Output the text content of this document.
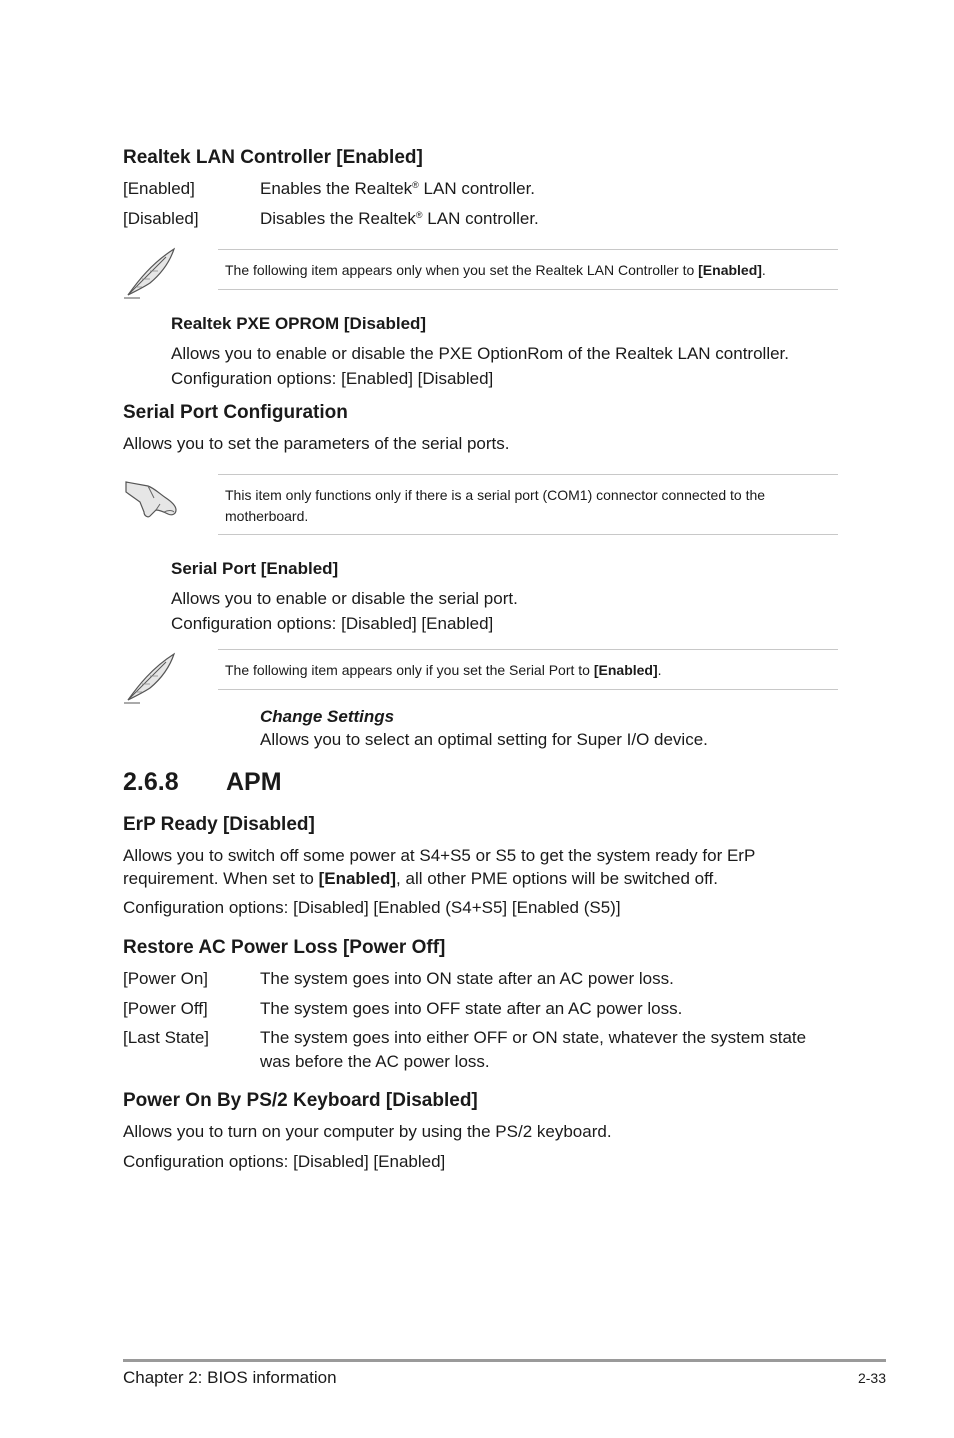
Realtek LAN Controller [Enabled]
[Enabled]	Enables the Realtek® LAN controller.
[Disabled]	Disables the Realtek® LAN controller.
The following item appears only when you set the Realtek LAN Controller to [Enabled].
Realtek PXE OPROM [Disabled]
Allows you to enable or disable the PXE OptionRom of the Realtek LAN controller.
Configuration options: [Enabled] [Disabled]
Serial Port Configuration
Allows you to set the parameters of the serial ports.
This item only functions only if there is a serial port (COM1) connector connected to the motherboard.
Serial Port [Enabled]
Allows you to enable or disable the serial port.
Configuration options: [Disabled] [Enabled]
The following item appears only if you set the Serial Port to [Enabled].
Change Settings
Allows you to select an optimal setting for Super I/O device.
2.6.8 APM
ErP Ready [Disabled]
Allows you to switch off some power at S4+S5 or S5 to get the system ready for ErP
requirement. When set to [Enabled], all other PME options will be switched off.
Configuration options: [Disabled] [Enabled (S4+S5] [Enabled (S5)]
Restore AC Power Loss [Power Off]
[Power On]	The system goes into ON state after an AC power loss.
[Power Off]	The system goes into OFF state after an AC power loss.
[Last State]	The system goes into either OFF or ON state, whatever the system state was before the AC power loss.
Power On By PS/2 Keyboard [Disabled]
Allows you to turn on your computer by using the PS/2 keyboard.
Configuration options: [Disabled] [Enabled]
Chapter 2: BIOS information	2-33
